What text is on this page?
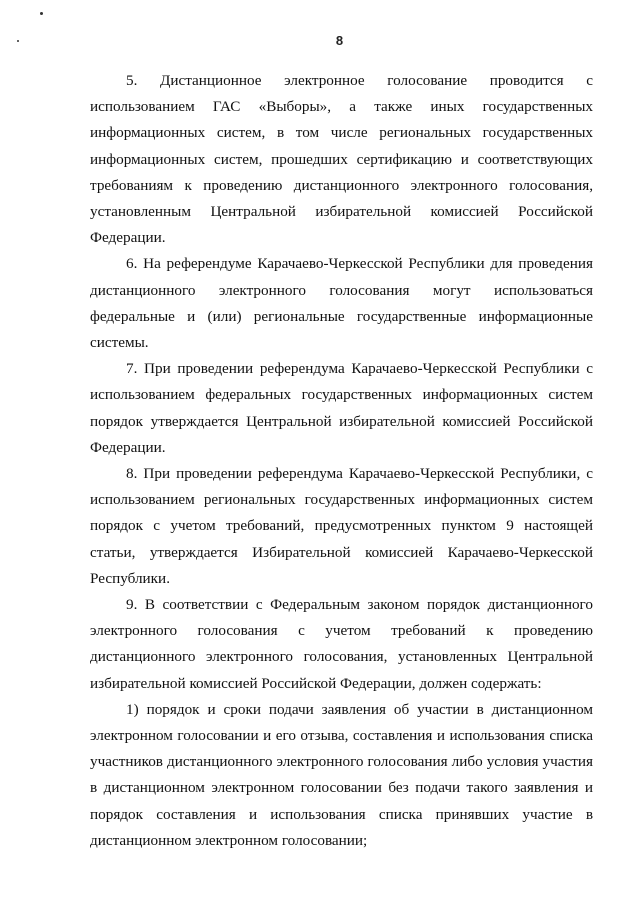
8

5. Дистанционное электронное голосование проводится с использованием ГАС «Выборы», а также иных государственных информационных систем, в том числе региональных государственных информационных систем, прошедших сертификацию и соответствующих требованиям к проведению дистанционного электронного голосования, установленным Центральной избирательной комиссией Российской Федерации.

6. На референдуме Карачаево-Черкесской Республики для проведения дистанционного электронного голосования могут использоваться федеральные и (или) региональные государственные информационные системы.

7. При проведении референдума Карачаево-Черкесской Республики с использованием федеральных государственных информационных систем порядок утверждается Центральной избирательной комиссией Российской Федерации.

8. При проведении референдума Карачаево-Черкесской Республики, с использованием региональных государственных информационных систем порядок с учетом требований, предусмотренных пунктом 9 настоящей статьи, утверждается Избирательной комиссией Карачаево-Черкесской Республики.

9. В соответствии с Федеральным законом порядок дистанционного электронного голосования с учетом требований к проведению дистанционного электронного голосования, установленных Центральной избирательной комиссией Российской Федерации, должен содержать:

1) порядок и сроки подачи заявления об участии в дистанционном электронном голосовании и его отзыва, составления и использования списка участников дистанционного электронного голосования либо условия участия в дистанционном электронном голосовании без подачи такого заявления и порядок составления и использования списка принявших участие в дистанционном электронном голосовании;
